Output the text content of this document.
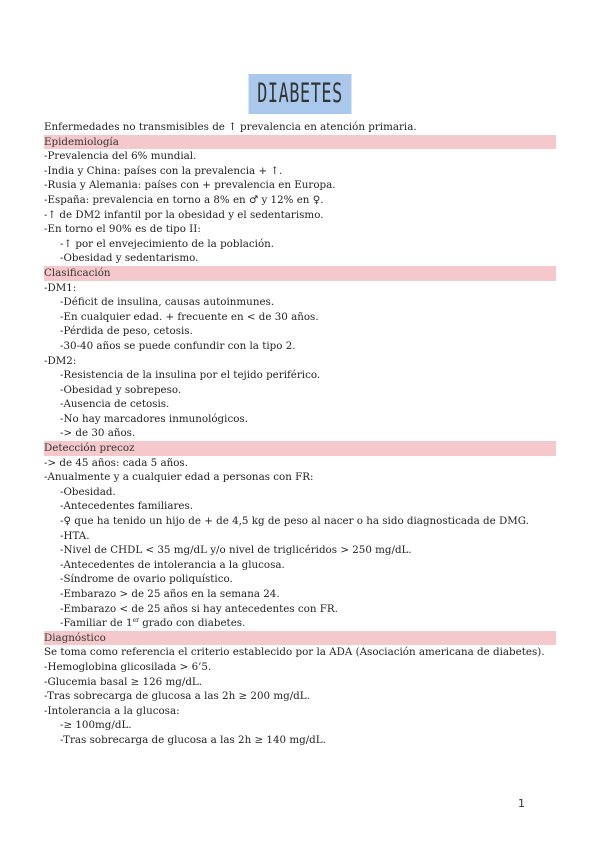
DIABETES
Enfermedades no transmisibles de ↑ prevalencia en atención primaria.
Epidemiología
-Prevalencia del 6% mundial.
-India y China: países con la prevalencia + ↑.
-Rusia y Alemania: países con + prevalencia en Europa.
-España: prevalencia en torno a 8% en ♂ y 12% en ♀.
-↑ de DM2 infantil por la obesidad y el sedentarismo.
-En torno el 90% es de tipo II:
-↑ por el envejecimiento de la población.
-Obesidad y sedentarismo.
Clasificación
-DM1:
-Déficit de insulina, causas autoinmunes.
-En cualquier edad. + frecuente en < de 30 años.
-Pérdida de peso, cetosis.
-30-40 años se puede confundir con la tipo 2.
-DM2:
-Resistencia de la insulina por el tejido periférico.
-Obesidad y sobrepeso.
-Ausencia de cetosis.
-No hay marcadores inmunológicos.
-> de 30 años.
Detección precoz
-> de 45 años: cada 5 años.
-Anualmente y a cualquier edad a personas con FR:
-Obesidad.
-Antecedentes familiares.
-♀ que ha tenido un hijo de + de 4,5 kg de peso al nacer o ha sido diagnosticada de DMG.
-HTA.
-Nivel de CHDL < 35 mg/dL y/o nivel de triglicéridos > 250 mg/dL.
-Antecedentes de intolerancia a la glucosa.
-Síndrome de ovario poliquístico.
-Embarazo > de 25 años en la semana 24.
-Embarazo < de 25 años si hay antecedentes con FR.
-Familiar de 1er grado con diabetes.
Diagnóstico
Se toma como referencia el criterio establecido por la ADA (Asociación americana de diabetes).
-Hemoglobina glicosilada > 6’5.
-Glucemia basal ≥ 126 mg/dL.
-Tras sobrecarga de glucosa a las 2h ≥ 200 mg/dL.
-Intolerancia a la glucosa:
-≥ 100mg/dL.
-Tras sobrecarga de glucosa a las 2h ≥ 140 mg/dL.
1
